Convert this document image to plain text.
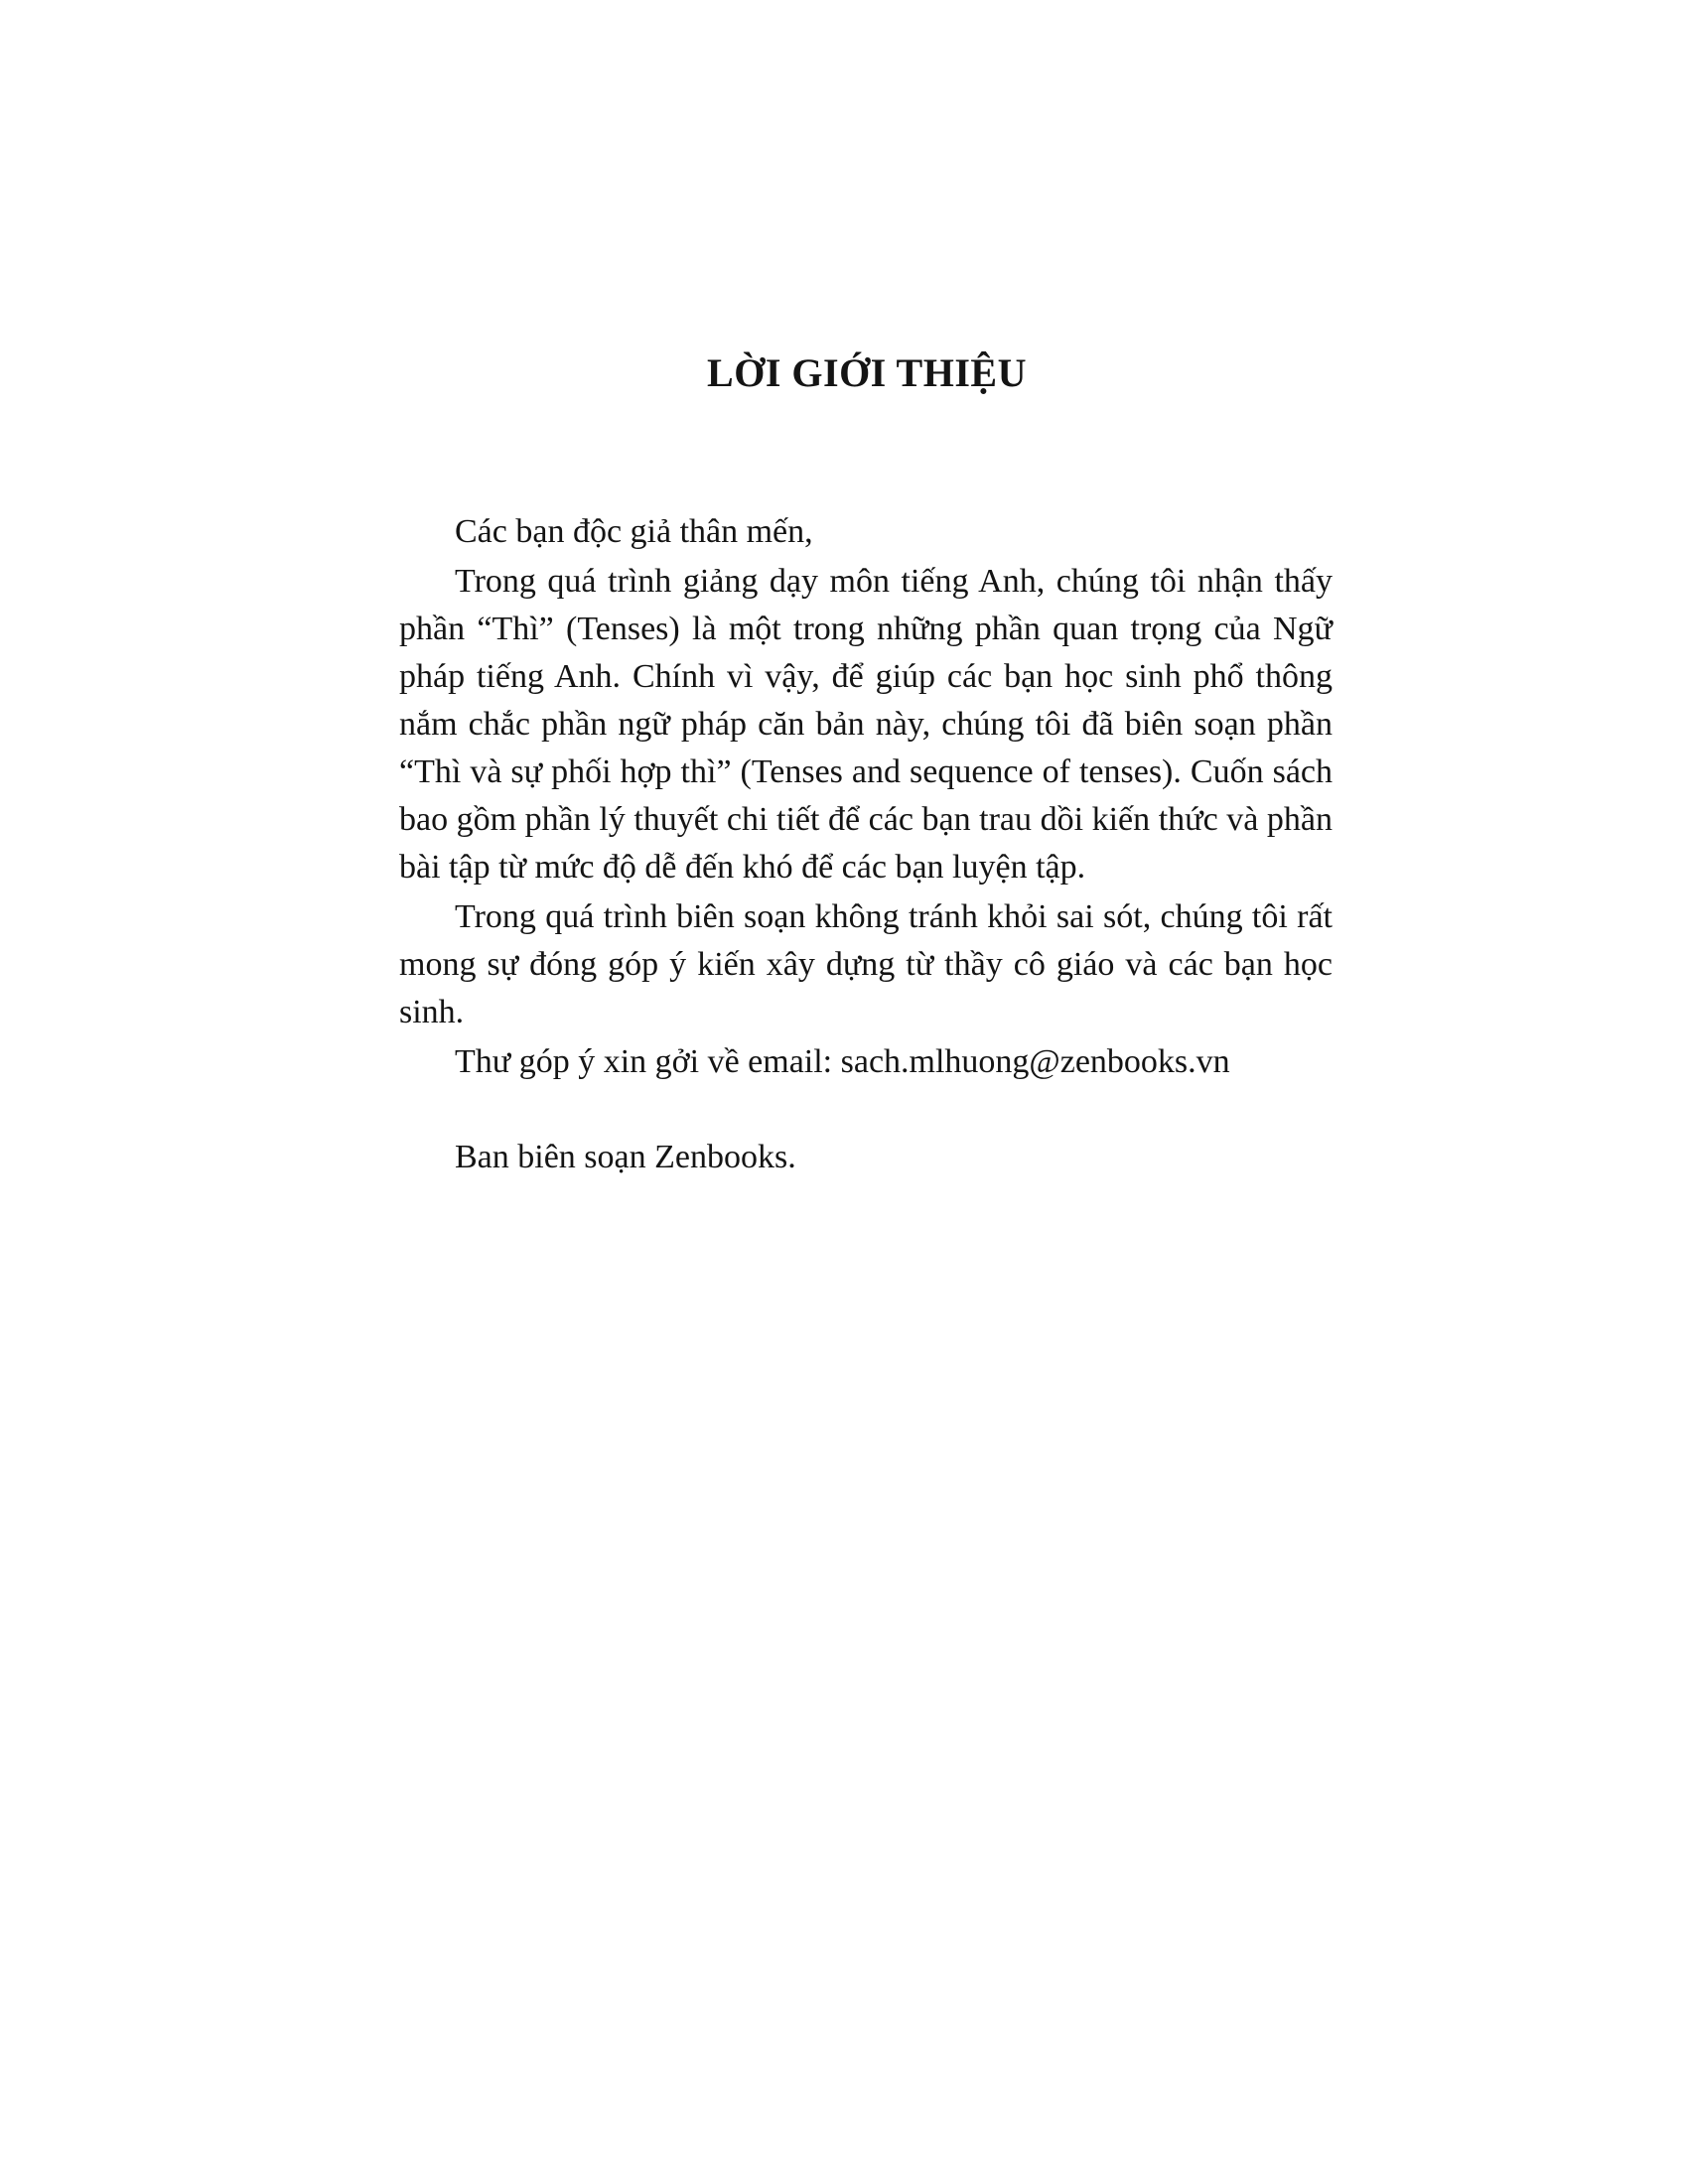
LỜI GIỚI THIỆU

Các bạn độc giả thân mến,

Trong quá trình giảng dạy môn tiếng Anh, chúng tôi nhận thấy phần “Thì” (Tenses) là một trong những phần quan trọng của Ngữ pháp tiếng Anh. Chính vì vậy, để giúp các bạn học sinh phổ thông nắm chắc phần ngữ pháp căn bản này, chúng tôi đã biên soạn phần “Thì và sự phối hợp thì” (Tenses and sequence of tenses). Cuốn sách bao gồm phần lý thuyết chi tiết để các bạn trau dồi kiến thức và phần bài tập từ mức độ dễ đến khó để các bạn luyện tập.

Trong quá trình biên soạn không tránh khỏi sai sót, chúng tôi rất mong sự đóng góp ý kiến xây dựng từ thầy cô giáo và các bạn học sinh.

Thư góp ý xin gởi về email: sach.mlhuong@zenbooks.vn

Ban biên soạn Zenbooks.
